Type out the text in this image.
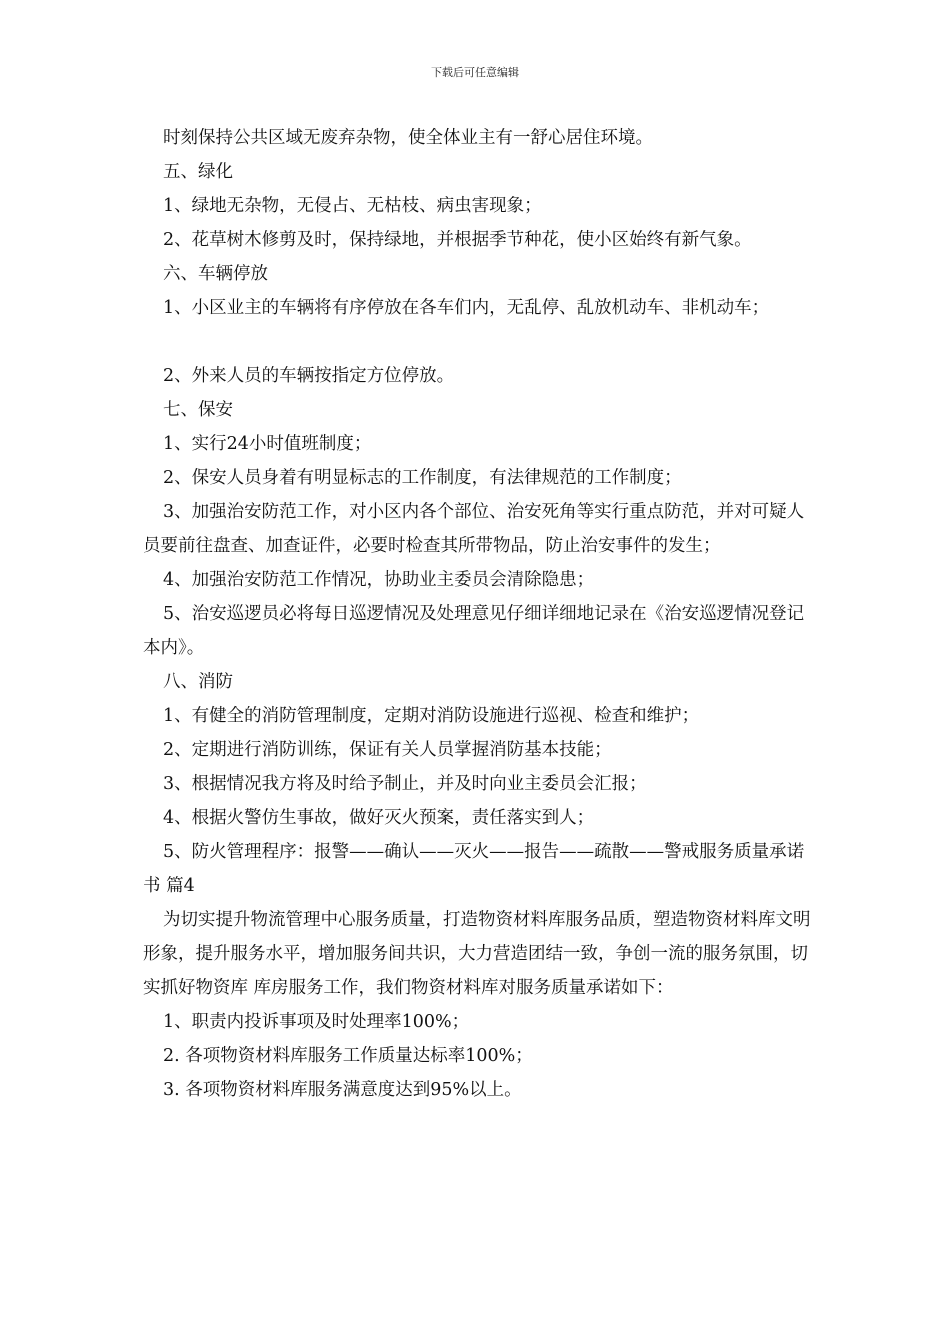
下载后可任意编辑

时刻保持公共区域无废弃杂物，使全体业主有一舒心居住环境。

五、绿化

1、绿地无杂物，无侵占、无枯枝、病虫害现象；

2、花草树木修剪及时，保持绿地，并根据季节种花，使小区始终有新气象。

六、车辆停放

1、小区业主的车辆将有序停放在各车们内，无乱停、乱放机动车、非机动车；

2、外来人员的车辆按指定方位停放。

七、保安

1、实行24小时值班制度；

2、保安人员身着有明显标志的工作制度，有法律规范的工作制度；

3、加强治安防范工作，对小区内各个部位、治安死角等实行重点防范，并对可疑人员要前往盘查、加查证件，必要时检查其所带物品，防止治安事件的发生；

4、加强治安防范工作情况，协助业主委员会清除隐患；

5、治安巡逻员必将每日巡逻情况及处理意见仔细详细地记录在《治安巡逻情况登记本内》。

八、消防

1、有健全的消防管理制度，定期对消防设施进行巡视、检查和维护；

2、定期进行消防训练，保证有关人员掌握消防基本技能；

3、根据情况我方将及时给予制止，并及时向业主委员会汇报；

4、根据火警仿生事故，做好灭火预案，责任落实到人；

5、防火管理程序：报警——确认——灭火——报告——疏散——警戒服务质量承诺书 篇4

为切实提升物流管理中心服务质量，打造物资材料库服务品质，塑造物资材料库文明形象，提升服务水平，增加服务间共识，大力营造团结一致，争创一流的服务氛围，切实抓好物资库 库房服务工作，我们物资材料库对服务质量承诺如下：

1、职责内投诉事项及时处理率100%；

2. 各项物资材料库服务工作质量达标率100%；

3. 各项物资材料库服务满意度达到95%以上。
